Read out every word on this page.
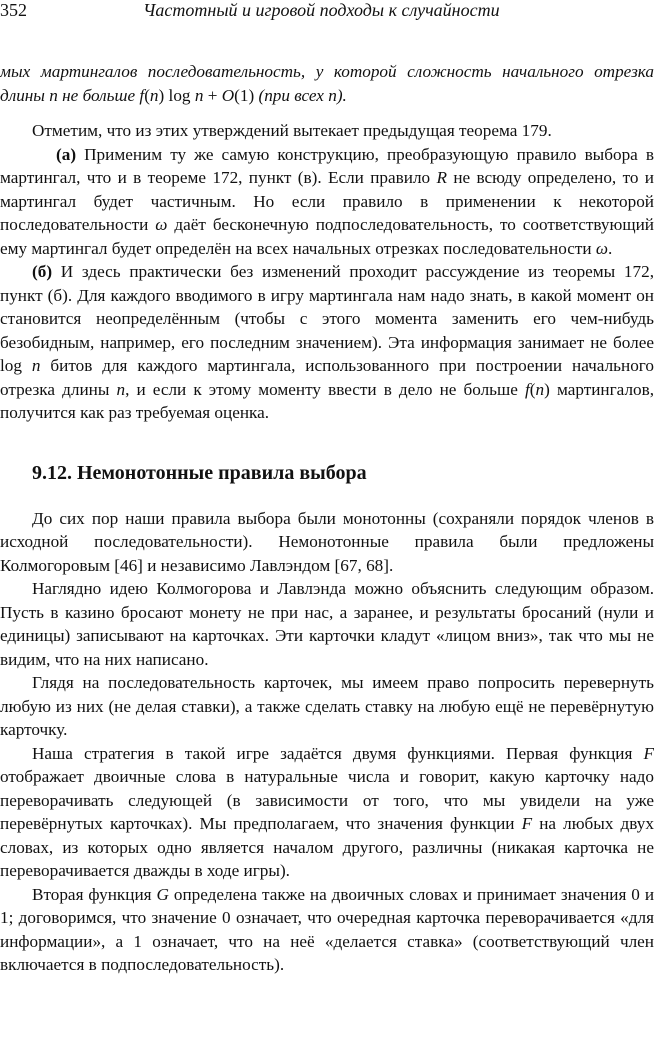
352	Частотный и игровой подходы к случайности

мых мартингалов последовательность, у которой сложность начального отрезка длины n не больше f(n) log n + O(1) (при всех n).

Отметим, что из этих утверждений вытекает предыдущая теорема 179.

(а) Применим ту же самую конструкцию, преобразующую правило выбора в мартингал, что и в теореме 172, пункт (в). Если правило R не всюду определено, то и мартингал будет частичным. Но если правило в применении к некоторой последовательности ω даёт бесконечную подпоследовательность, то соответствующий ему мартингал будет определён на всех начальных отрезках последовательности ω.

(б) И здесь практически без изменений проходит рассуждение из теоремы 172, пункт (б). Для каждого вводимого в игру мартингала нам надо знать, в какой момент он становится неопределённым (чтобы с этого момента заменить его чем-нибудь безобидным, например, его последним значением). Эта информация занимает не более log n битов для каждого мартингала, использованного при построении начального отрезка длины n, и если к этому моменту ввести в дело не больше f(n) мартингалов, получится как раз требуемая оценка.

9.12. Немонотонные правила выбора

До сих пор наши правила выбора были монотонны (сохраняли порядок членов в исходной последовательности). Немонотонные правила были предложены Колмогоровым [46] и независимо Лавлэндом [67, 68].

Наглядно идею Колмогорова и Лавлэнда можно объяснить следующим образом. Пусть в казино бросают монету не при нас, а заранее, и результаты бросаний (нули и единицы) записывают на карточках. Эти карточки кладут «лицом вниз», так что мы не видим, что на них написано.

Глядя на последовательность карточек, мы имеем право попросить перевернуть любую из них (не делая ставки), а также сделать ставку на любую ещё не перевёрнутую карточку.

Наша стратегия в такой игре задаётся двумя функциями. Первая функция F отображает двоичные слова в натуральные числа и говорит, какую карточку надо переворачивать следующей (в зависимости от того, что мы увидели на уже перевёрнутых карточках). Мы предполагаем, что значения функции F на любых двух словах, из которых одно является началом другого, различны (никакая карточка не переворачивается дважды в ходе игры).

Вторая функция G определена также на двоичных словах и принимает значения 0 и 1; договоримся, что значение 0 означает, что очередная карточка переворачивается «для информации», а 1 означает, что на неё «делается ставка» (соответствующий член включается в подпоследовательность).
